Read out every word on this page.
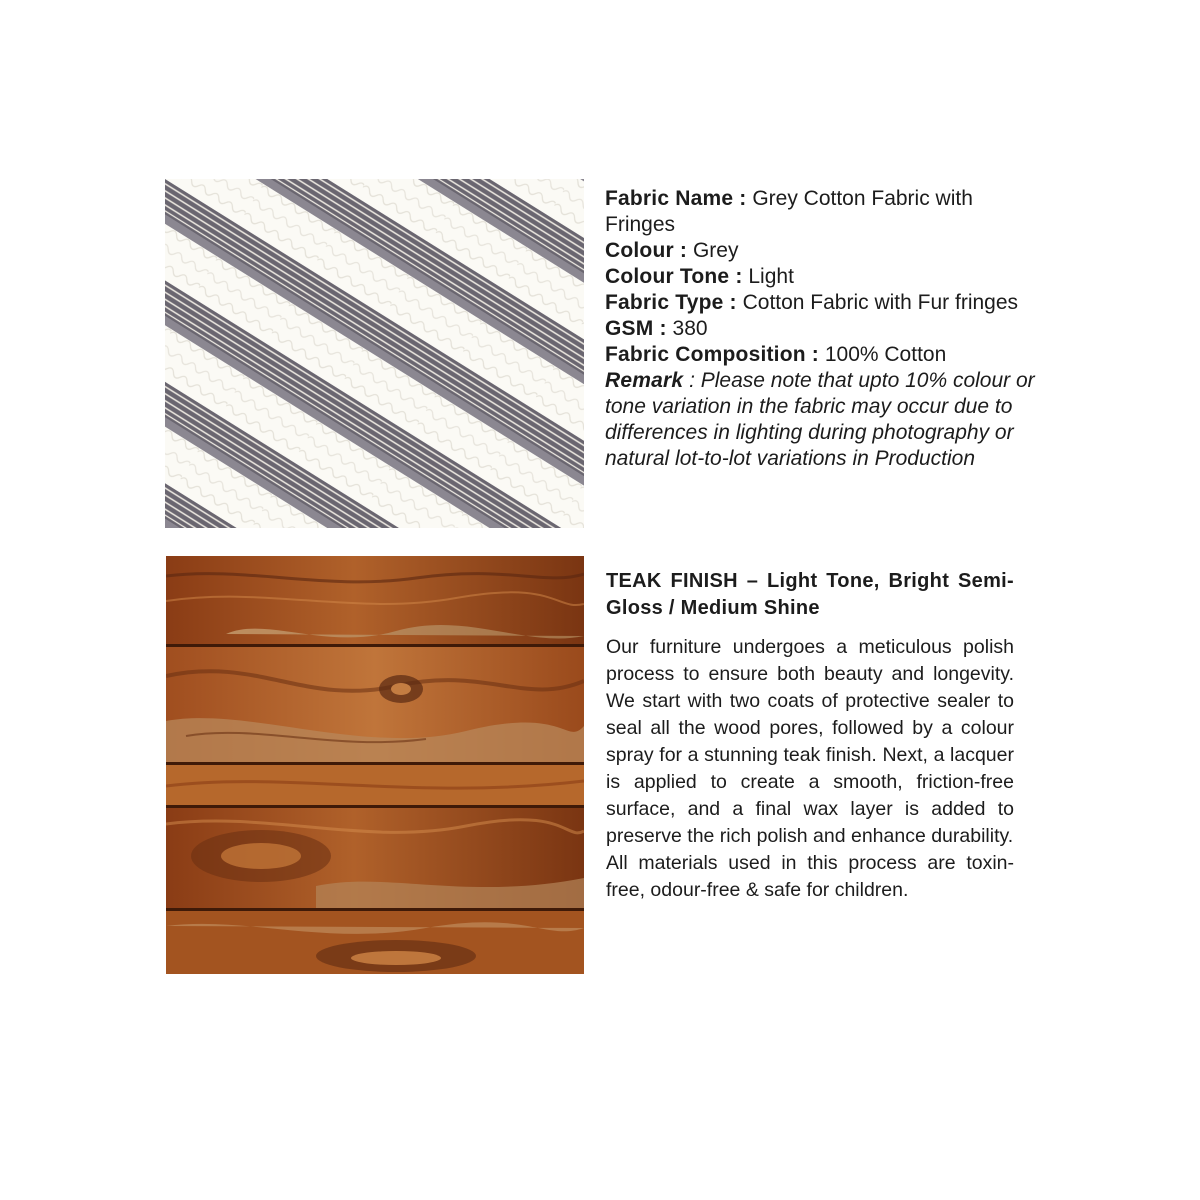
Fabric Name : Grey Cotton Fabric with Fringes

Colour : Grey

Colour Tone : Light

Fabric Type : Cotton Fabric with Fur fringes

GSM : 380

Fabric Composition : 100% Cotton

Remark : Please note that upto 10% colour or tone variation in the fabric may occur due to differences in lighting during photography or natural lot-to-lot variations in Production

TEAK FINISH – Light Tone, Bright Semi-Gloss / Medium Shine

Our furniture undergoes a meticulous polish process to ensure both beauty and longevity. We start with two coats of protective sealer to seal all the wood pores, followed by a colour spray for a stunning teak finish. Next, a lacquer is applied to create a smooth, friction-free surface, and a final wax layer is added to preserve the rich polish and enhance durability.

All materials used in this process are toxin-free, odour-free & safe for children.
